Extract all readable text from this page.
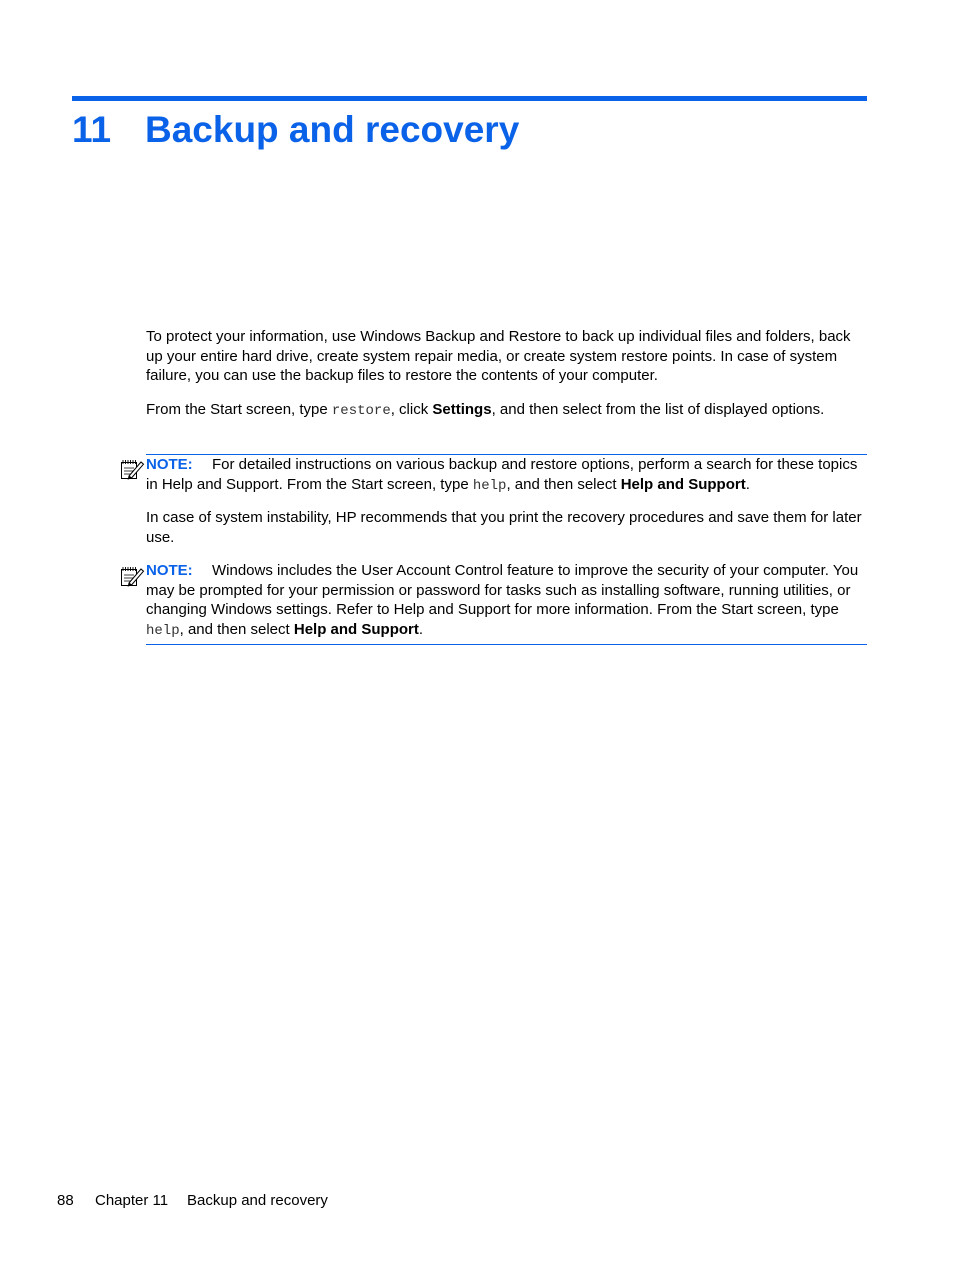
11 Backup and recovery

To protect your information, use Windows Backup and Restore to back up individual files and folders, back up your entire hard drive, create system repair media, or create system restore points. In case of system failure, you can use the backup files to restore the contents of your computer.

From the Start screen, type restore, click Settings, and then select from the list of displayed options.

NOTE: For detailed instructions on various backup and restore options, perform a search for these topics in Help and Support. From the Start screen, type help, and then select Help and Support.

In case of system instability, HP recommends that you print the recovery procedures and save them for later use.

NOTE: Windows includes the User Account Control feature to improve the security of your computer. You may be prompted for your permission or password for tasks such as installing software, running utilities, or changing Windows settings. Refer to Help and Support for more information. From the Start screen, type help, and then select Help and Support.
88 Chapter 11 Backup and recovery
